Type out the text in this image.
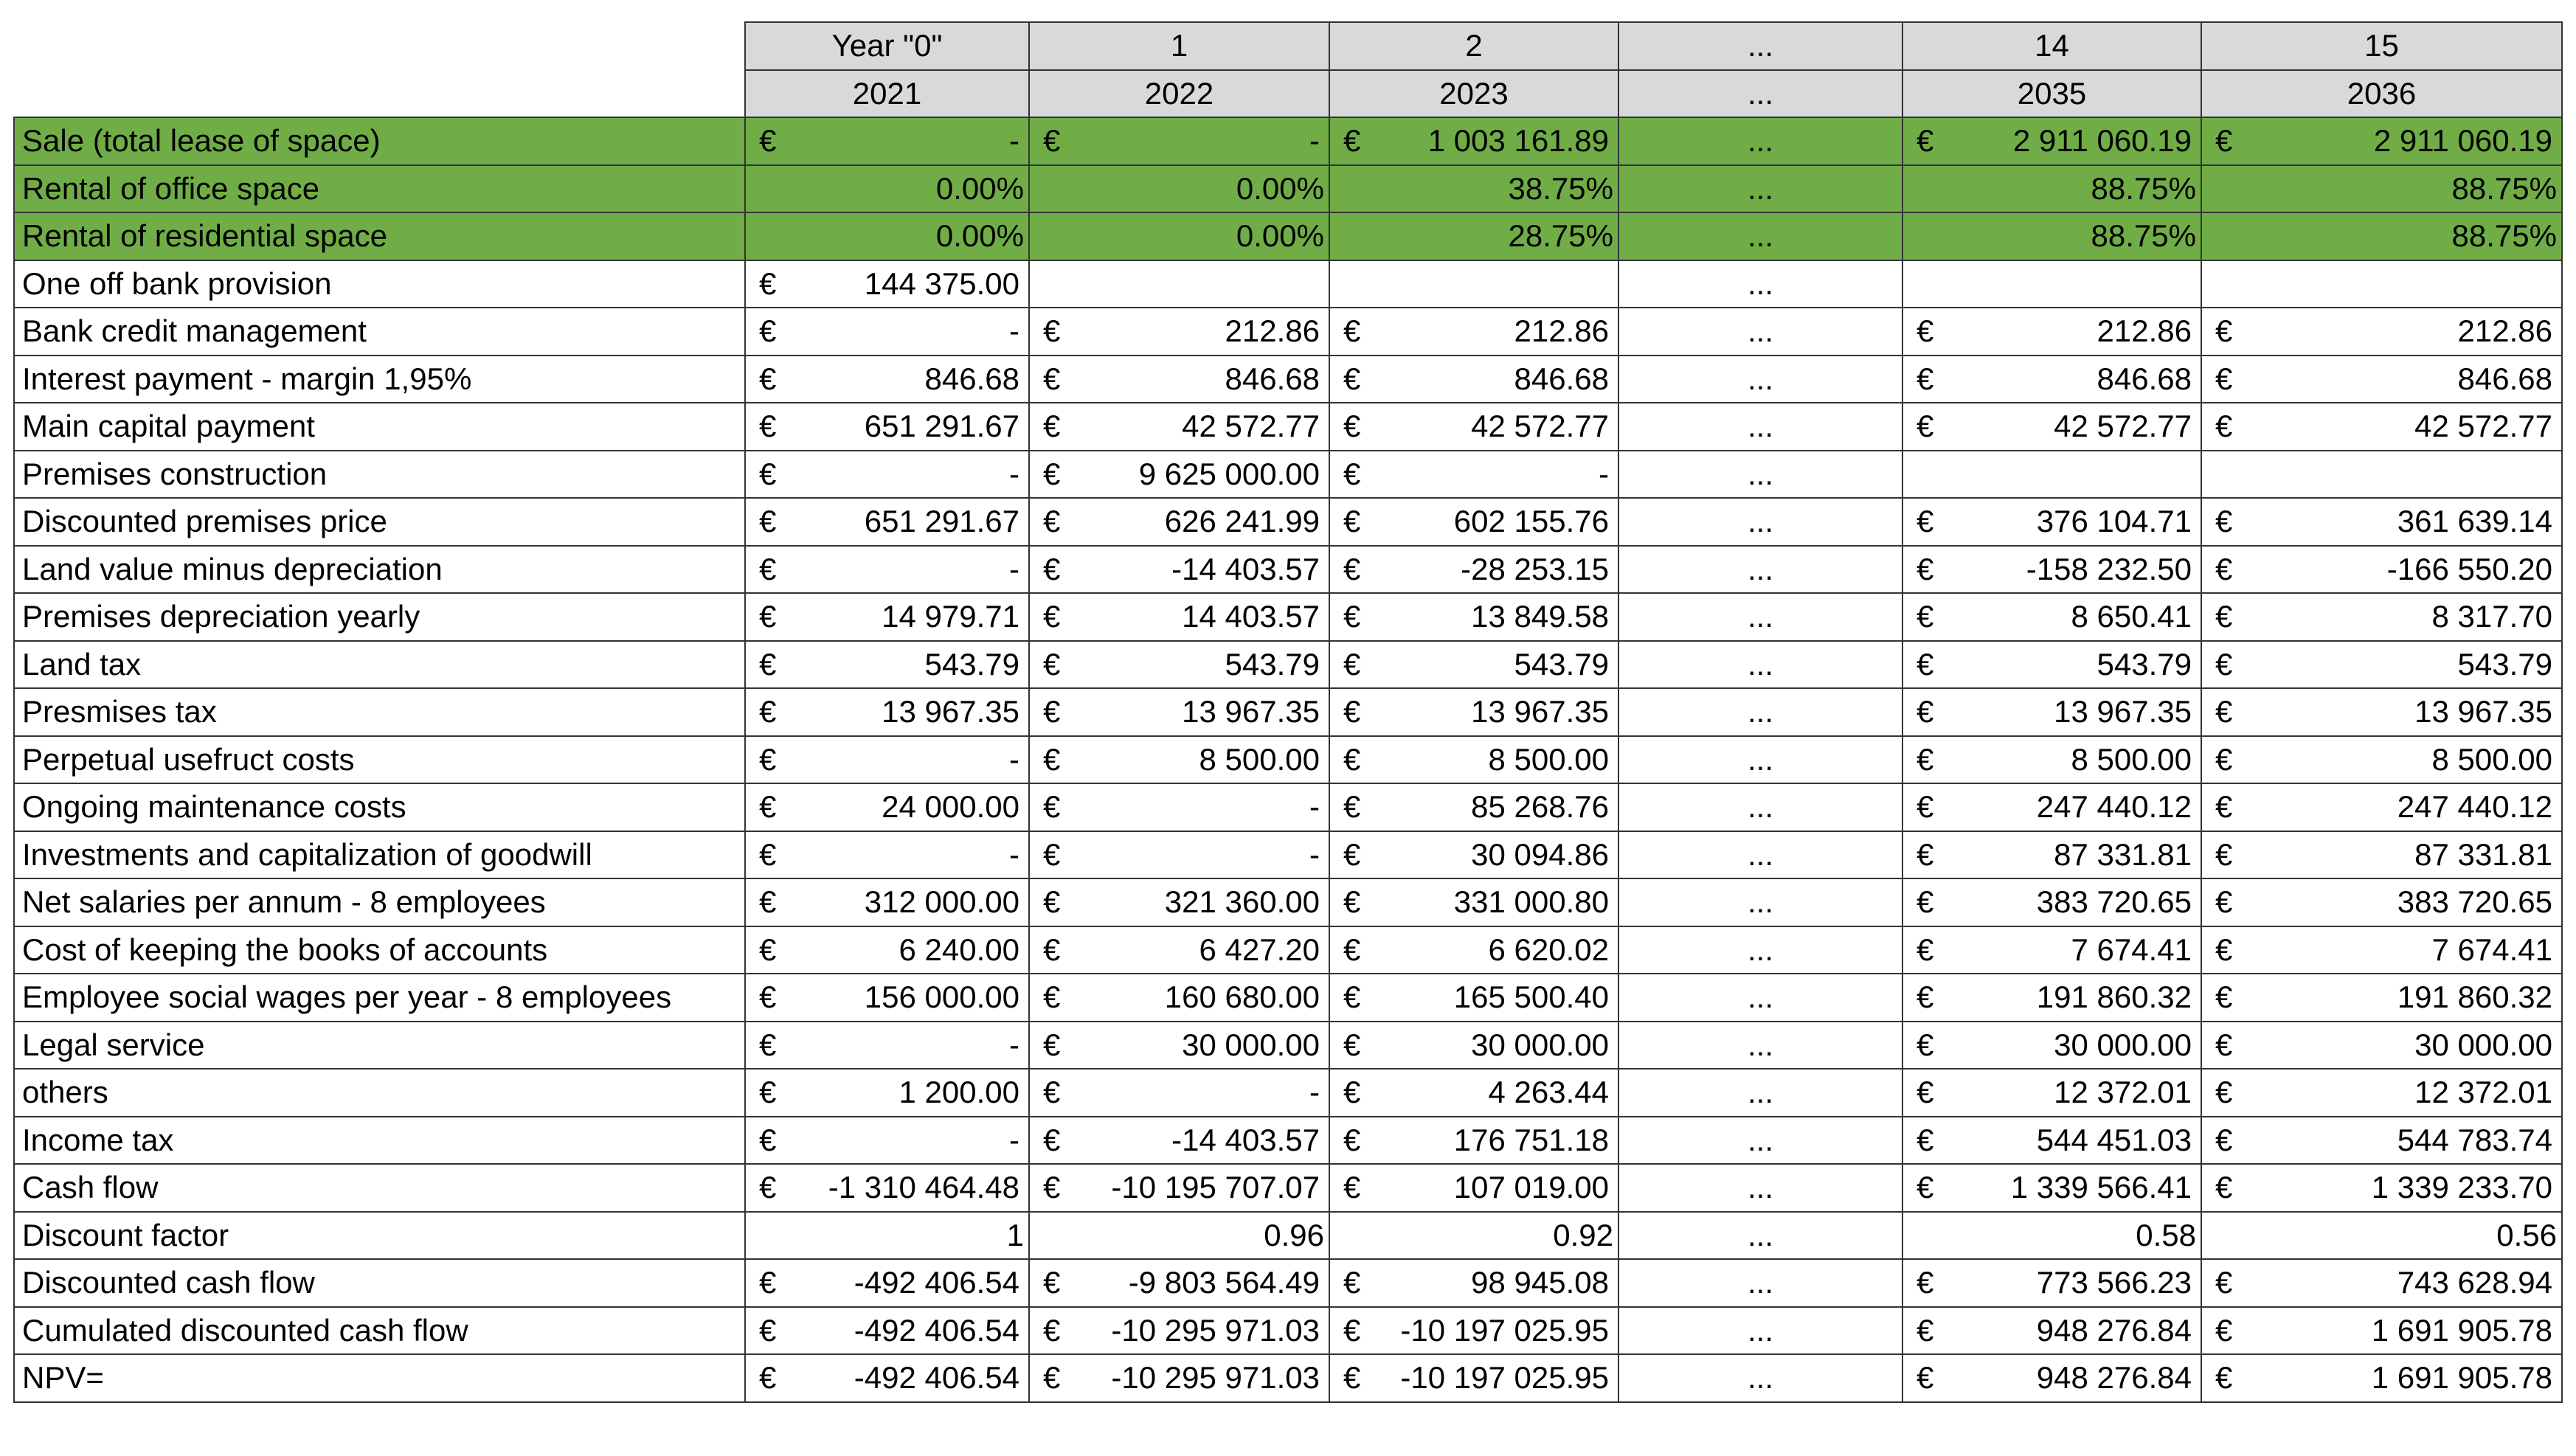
	Year "0"		1		2		...	14		15	
	2021		2022		2023		...	2035		2036	
Sale (total lease of space)	€	-	€	-	€	1 003 161.89	...	€	2 911 060.19	€	2 911 060.19
Rental of office space	0.00%		0.00%		38.75%		...	88.75%		88.75%	
Rental of residential space	0.00%		0.00%		28.75%		...	88.75%		88.75%	
One off bank provision	€	144 375.00					...				
Bank credit management	€	-	€	212.86	€	212.86	...	€	212.86	€	212.86
Interest payment - margin 1,95%	€	846.68	€	846.68	€	846.68	...	€	846.68	€	846.68
Main capital payment	€	651 291.67	€	42 572.77	€	42 572.77	...	€	42 572.77	€	42 572.77
Premises construction	€	-	€	9 625 000.00	€	-	...				
Discounted premises price	€	651 291.67	€	626 241.99	€	602 155.76	...	€	376 104.71	€	361 639.14
Land value minus depreciation	€	-	€	-14 403.57	€	-28 253.15	...	€	-158 232.50	€	-166 550.20
Premises depreciation yearly	€	14 979.71	€	14 403.57	€	13 849.58	...	€	8 650.41	€	8 317.70
Land tax	€	543.79	€	543.79	€	543.79	...	€	543.79	€	543.79
Presmises tax	€	13 967.35	€	13 967.35	€	13 967.35	...	€	13 967.35	€	13 967.35
Perpetual usefruct costs	€	-	€	8 500.00	€	8 500.00	...	€	8 500.00	€	8 500.00
Ongoing maintenance costs	€	24 000.00	€	-	€	85 268.76	...	€	247 440.12	€	247 440.12
Investments and capitalization of goodwill	€	-	€	-	€	30 094.86	...	€	87 331.81	€	87 331.81
Net salaries per annum - 8 employees	€	312 000.00	€	321 360.00	€	331 000.80	...	€	383 720.65	€	383 720.65
Cost of keeping the books of accounts	€	6 240.00	€	6 427.20	€	6 620.02	...	€	7 674.41	€	7 674.41
Employee social wages per year - 8 employees	€	156 000.00	€	160 680.00	€	165 500.40	...	€	191 860.32	€	191 860.32
Legal service	€	-	€	30 000.00	€	30 000.00	...	€	30 000.00	€	30 000.00
others	€	1 200.00	€	-	€	4 263.44	...	€	12 372.01	€	12 372.01
Income tax	€	-	€	-14 403.57	€	176 751.18	...	€	544 451.03	€	544 783.74
Cash flow	€	-1 310 464.48	€	-10 195 707.07	€	107 019.00	...	€	1 339 566.41	€	1 339 233.70
Discount factor	1		0.96		0.92		...	0.58		0.56	
Discounted cash flow	€	-492 406.54	€	-9 803 564.49	€	98 945.08	...	€	773 566.23	€	743 628.94
Cumulated discounted cash flow	€	-492 406.54	€	-10 295 971.03	€	-10 197 025.95	...	€	948 276.84	€	1 691 905.78
NPV=	€	-492 406.54	€	-10 295 971.03	€	-10 197 025.95	...	€	948 276.84	€	1 691 905.78
